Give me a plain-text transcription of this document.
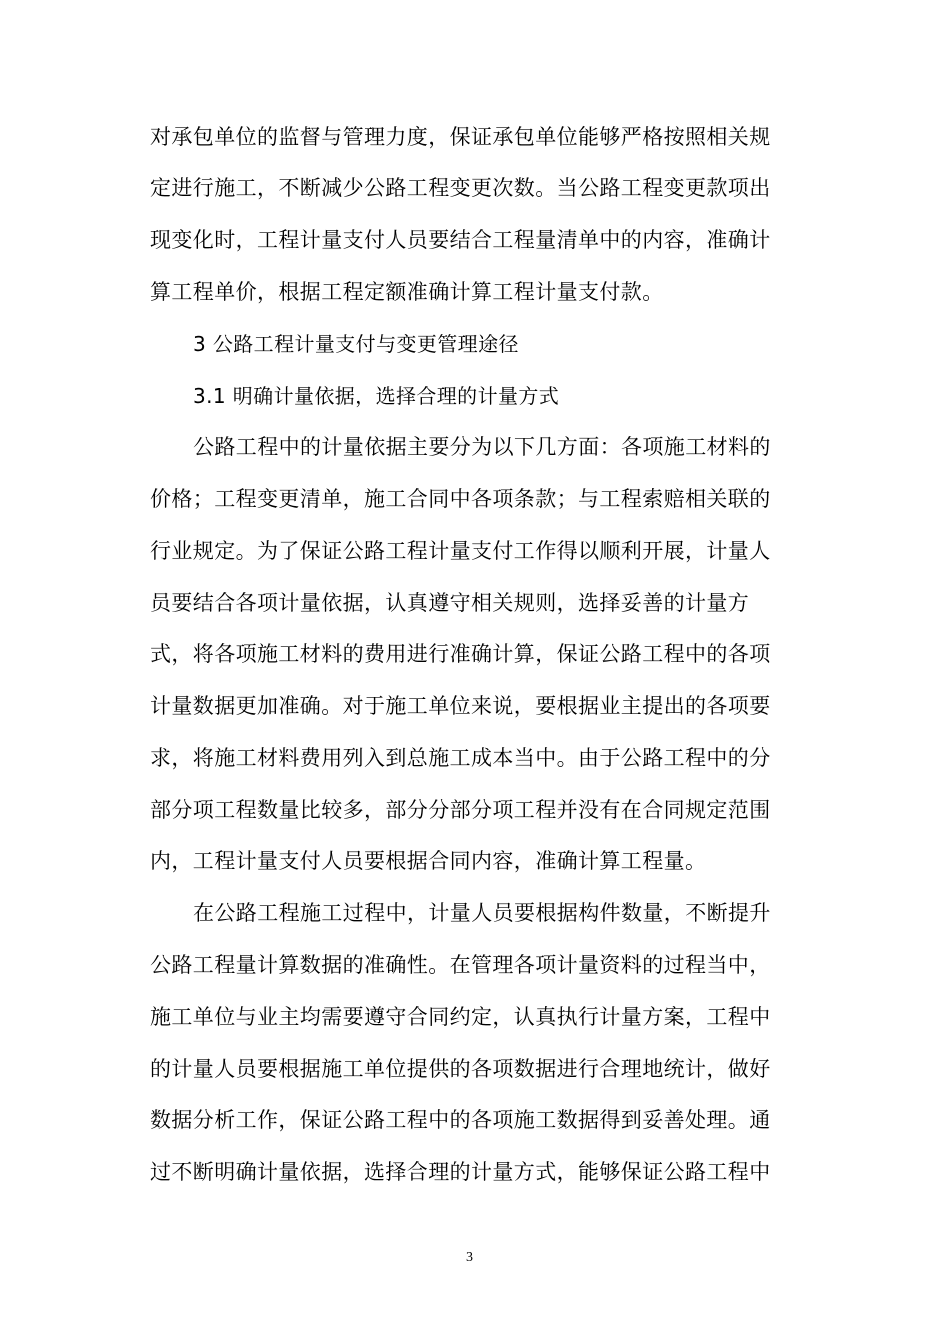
对承包单位的监督与管理力度，保证承包单位能够严格按照相关规
定进行施工，不断减少公路工程变更次数。当公路工程变更款项出
现变化时，工程计量支付人员要结合工程量清单中的内容，准确计
算工程单价，根据工程定额准确计算工程计量支付款。
3 公路工程计量支付与变更管理途径
3.1 明确计量依据，选择合理的计量方式
公路工程中的计量依据主要分为以下几方面：各项施工材料的
价格；工程变更清单，施工合同中各项条款；与工程索赔相关联的
行业规定。为了保证公路工程计量支付工作得以顺利开展，计量人
员要结合各项计量依据，认真遵守相关规则，选择妥善的计量方
式，将各项施工材料的费用进行准确计算，保证公路工程中的各项
计量数据更加准确。对于施工单位来说，要根据业主提出的各项要
求，将施工材料费用列入到总施工成本当中。由于公路工程中的分
部分项工程数量比较多，部分分部分项工程并没有在合同规定范围
内，工程计量支付人员要根据合同内容，准确计算工程量。
在公路工程施工过程中，计量人员要根据构件数量，不断提升
公路工程量计算数据的准确性。在管理各项计量资料的过程当中，
施工单位与业主均需要遵守合同约定，认真执行计量方案，工程中
的计量人员要根据施工单位提供的各项数据进行合理地统计，做好
数据分析工作，保证公路工程中的各项施工数据得到妥善处理。通
过不断明确计量依据，选择合理的计量方式，能够保证公路工程中
3
